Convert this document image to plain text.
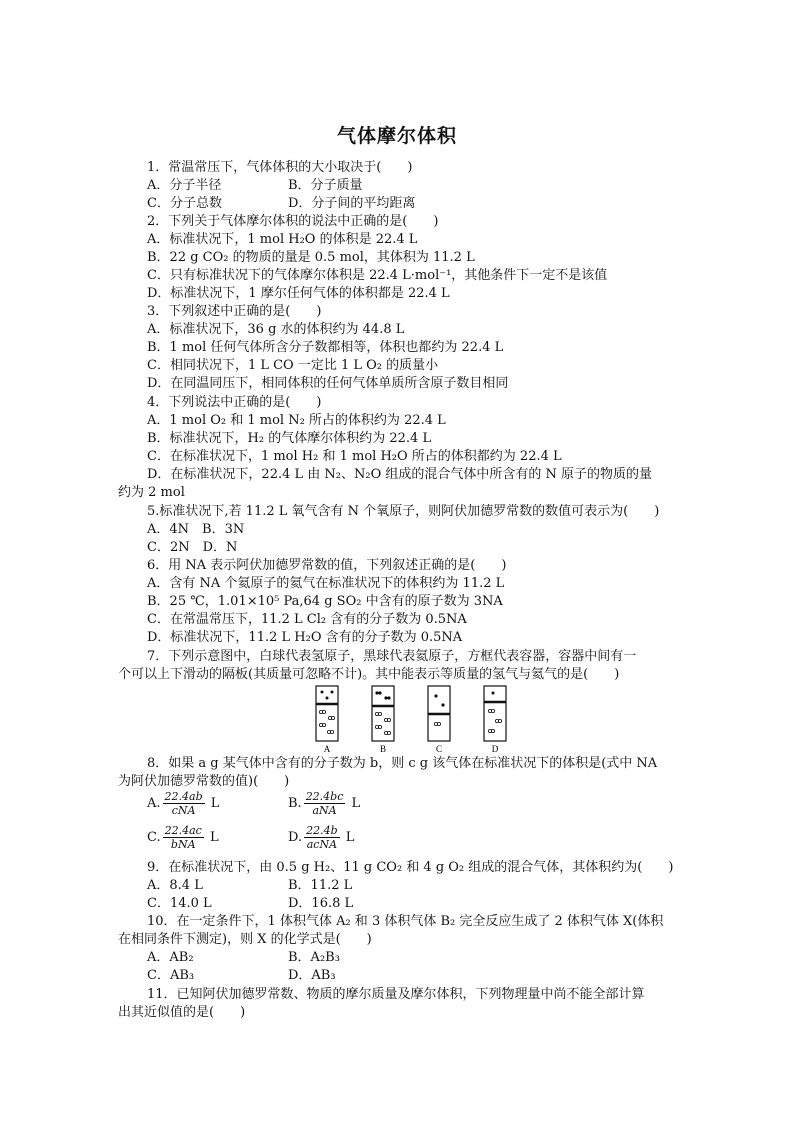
气体摩尔体积
1．常温常压下，气体体积的大小取决于(　　)
A．分子半径	B．分子质量
C．分子总数	D．分子间的平均距离
2．下列关于气体摩尔体积的说法中正确的是(　　)
A．标准状况下，1 mol H₂O 的体积是 22.4 L
B．22 g CO₂ 的物质的量是 0.5 mol，其体积为 11.2 L
C．只有标准状况下的气体摩尔体积是 22.4 L·mol⁻¹，其他条件下一定不是该值
D．标准状况下，1 摩尔任何气体的体积都是 22.4 L
3．下列叙述中正确的是(　　)
A．标准状况下，36 g 水的体积约为 44.8 L
B．1 mol 任何气体所含分子数都相等，体积也都约为 22.4 L
C．相同状况下，1 L CO 一定比 1 L O₂ 的质量小
D．在同温同压下，相同体积的任何气体单质所含原子数目相同
4．下列说法中正确的是(　　)
A．1 mol O₂ 和 1 mol N₂ 所占的体积约为 22.4 L
B．标准状况下，H₂ 的气体摩尔体积约为 22.4 L
C．在标准状况下，1 mol H₂ 和 1 mol H₂O 所占的体积都约为 22.4 L
D．在标准状况下，22.4 L 由 N₂、N₂O 组成的混合气体中所含有的 N 原子的物质的量
约为 2 mol
5.标准状况下,若 11.2 L 氧气含有 N 个氧原子，则阿伏加德罗常数的数值可表示为(　　)
A．4N　B．3N
C．2N　D．N
6．用 NA 表示阿伏加德罗常数的值，下列叙述正确的是(　　)
A．含有 NA 个氦原子的氦气在标准状况下的体积约为 11.2 L
B．25 ℃，1.01×10⁵ Pa,64 g SO₂ 中含有的原子数为 3NA
C．在常温常压下，11.2 L Cl₂ 含有的分子数为 0.5NA
D．标准状况下，11.2 L H₂O 含有的分子数为 0.5NA
7．下列示意图中，白球代表氢原子，黑球代表氦原子，方框代表容器，容器中间有一
个可以上下滑动的隔板(其质量可忽略不计)。其中能表示等质量的氢气与氦气的是(　　)
A	B	C	D
8．如果 a g 某气体中含有的分子数为 b，则 c g 该气体在标准状况下的体积是(式中 NA
为阿伏加德罗常数的值)(　　)
A. $\frac{22.4ab}{\text{cNA}}$ L	B. $\frac{22.4bc}{\text{aNA}}$ L
C. $\frac{22.4ac}{\text{bNA}}$ L	D. $\frac{22.4b}{\text{acNA}}$ L
9．在标准状况下，由 0.5 g H₂、11 g CO₂ 和 4 g O₂ 组成的混合气体，其体积约为(　　)
A．8.4 L	B．11.2 L
C．14.0 L	D．16.8 L
10．在一定条件下，1 体积气体 A₂ 和 3 体积气体 B₂ 完全反应生成了 2 体积气体 X(体积
在相同条件下测定)，则 X 的化学式是(　　)
A．AB₂	B．A₂B₃
C．AB₃	D．AB₃
11．已知阿伏加德罗常数、物质的摩尔质量及摩尔体积，下列物理量中尚不能全部计算
出其近似值的是(　　)
